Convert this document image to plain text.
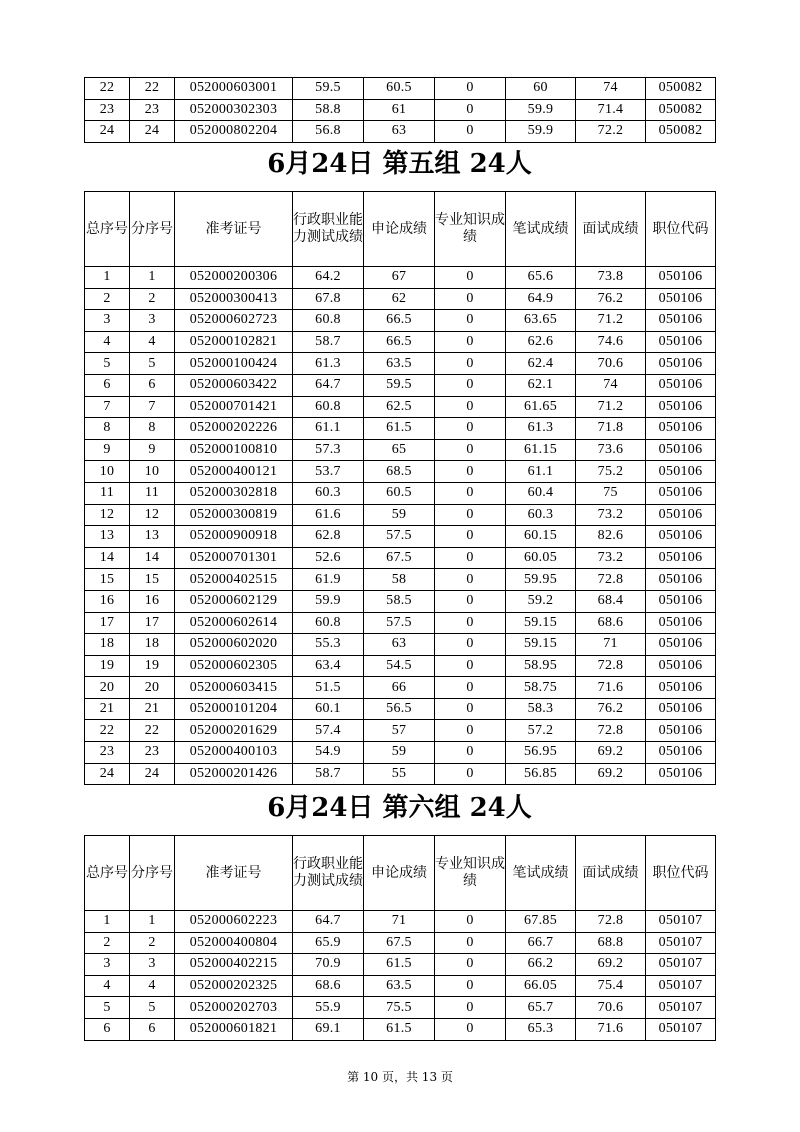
22	22	052000603001	59.5	60.5	0	60	74	050082
23	23	052000302303	58.8	61	0	59.9	71.4	050082
24	24	052000802204	56.8	63	0	59.9	72.2	050082
6月24日 第五组 24人
总序号	分序号	准考证号	行政职业能力测试成绩	申论成绩	专业知识成绩	笔试成绩	面试成绩	职位代码
1	1	052000200306	64.2	67	0	65.6	73.8	050106
2	2	052000300413	67.8	62	0	64.9	76.2	050106
3	3	052000602723	60.8	66.5	0	63.65	71.2	050106
4	4	052000102821	58.7	66.5	0	62.6	74.6	050106
5	5	052000100424	61.3	63.5	0	62.4	70.6	050106
6	6	052000603422	64.7	59.5	0	62.1	74	050106
7	7	052000701421	60.8	62.5	0	61.65	71.2	050106
8	8	052000202226	61.1	61.5	0	61.3	71.8	050106
9	9	052000100810	57.3	65	0	61.15	73.6	050106
10	10	052000400121	53.7	68.5	0	61.1	75.2	050106
11	11	052000302818	60.3	60.5	0	60.4	75	050106
12	12	052000300819	61.6	59	0	60.3	73.2	050106
13	13	052000900918	62.8	57.5	0	60.15	82.6	050106
14	14	052000701301	52.6	67.5	0	60.05	73.2	050106
15	15	052000402515	61.9	58	0	59.95	72.8	050106
16	16	052000602129	59.9	58.5	0	59.2	68.4	050106
17	17	052000602614	60.8	57.5	0	59.15	68.6	050106
18	18	052000602020	55.3	63	0	59.15	71	050106
19	19	052000602305	63.4	54.5	0	58.95	72.8	050106
20	20	052000603415	51.5	66	0	58.75	71.6	050106
21	21	052000101204	60.1	56.5	0	58.3	76.2	050106
22	22	052000201629	57.4	57	0	57.2	72.8	050106
23	23	052000400103	54.9	59	0	56.95	69.2	050106
24	24	052000201426	58.7	55	0	56.85	69.2	050106
6月24日 第六组 24人
总序号	分序号	准考证号	行政职业能力测试成绩	申论成绩	专业知识成绩	笔试成绩	面试成绩	职位代码
1	1	052000602223	64.7	71	0	67.85	72.8	050107
2	2	052000400804	65.9	67.5	0	66.7	68.8	050107
3	3	052000402215	70.9	61.5	0	66.2	69.2	050107
4	4	052000202325	68.6	63.5	0	66.05	75.4	050107
5	5	052000202703	55.9	75.5	0	65.7	70.6	050107
6	6	052000601821	69.1	61.5	0	65.3	71.6	050107
第 10 页，共 13 页
